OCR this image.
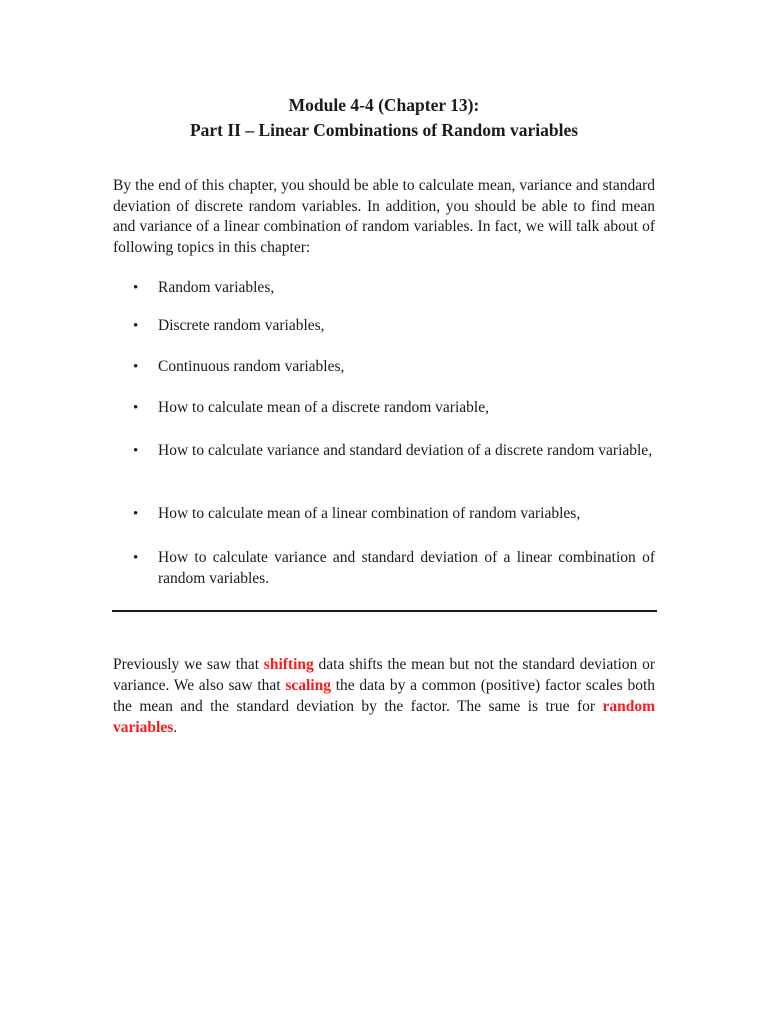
Module 4-4 (Chapter 13):
Part II – Linear Combinations of Random variables

By the end of this chapter, you should be able to calculate mean, variance and standard deviation of discrete random variables. In addition, you should be able to find mean and variance of a linear combination of random variables. In fact, we will talk about of following topics in this chapter:

• Random variables,
• Discrete random variables,
• Continuous random variables,
• How to calculate mean of a discrete random variable,
• How to calculate variance and standard deviation of a discrete random variable,
• How to calculate mean of a linear combination of random variables,
• How to calculate variance and standard deviation of a linear combination of random variables.

Previously we saw that shifting data shifts the mean but not the standard deviation or variance. We also saw that scaling the data by a common (positive) factor scales both the mean and the standard deviation by the factor. The same is true for random variables.
